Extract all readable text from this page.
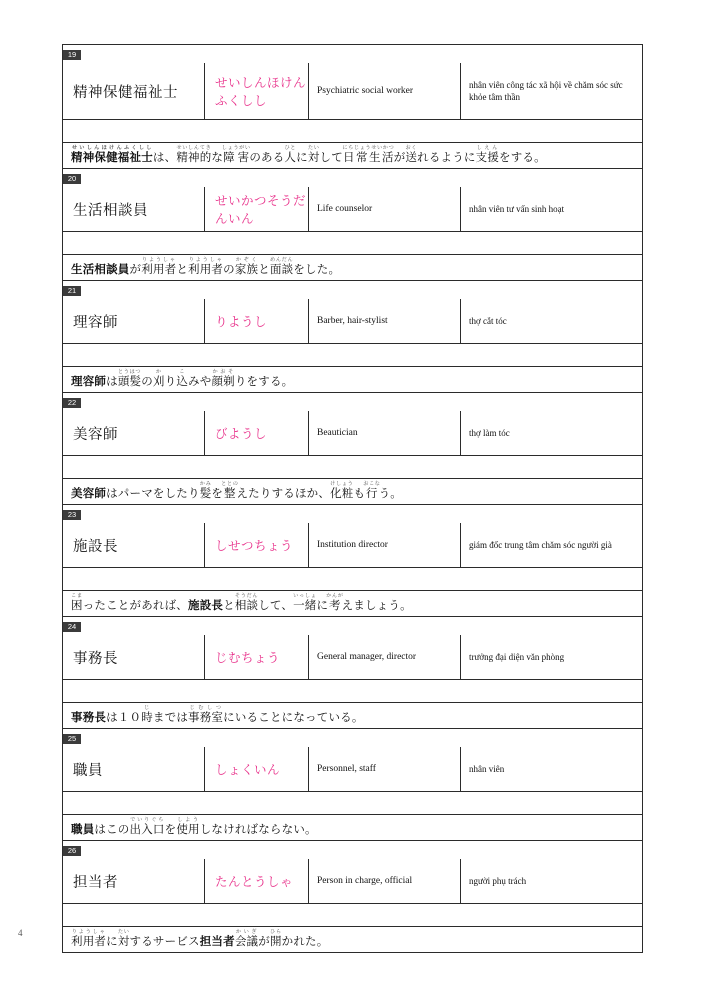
19			
精神保健福祉士	せいしんほけんふくしし	Psychiatric social worker	nhân viên công tác xã hội về chăm sóc sức khỏe tâm thần

精神保健福祉士せいしんほけんふくししは、精神的せいしんてきな障害しょうがいのある人ひとに対たいして日常生活にちじょうせいかつが送おくれるように支援しえんをする。			
20			
生活相談員	せいかつそうだんいん	Life counselor	nhân viên tư vấn sinh hoạt

生活相談員が利用者りようしゃと利用者りようしゃの家族かぞくと面談めんだんをした。			
21			
理容師	りようし	Barber, hair-stylist	thợ cắt tóc

理容師は頭髪とうはつの刈かり込こみや顔剃かおそりをする。			
22			
美容師	びようし	Beautician	thợ làm tóc

美容師はパーマをしたり髪かみを整ととのえたりするほか、化粧けしょうも行おこなう。			
23			
施設長	しせつちょう	Institution director	giám đốc trung tâm chăm sóc người già

困こまったことがあれば、施設長と相談そうだんして、一緒いっしょに考かんがえましょう。			
24			
事務長	じむちょう	General manager, director	trưởng đại diện văn phòng

事務長は１０時じまでは事務室じむしつにいることになっている。			
25			
職員	しょくいん	Personnel, staff	nhân viên

職員はこの出入口でいりぐちを使用しようしなければならない。			
26			
担当者	たんとうしゃ	Person in charge, official	người phụ trách

利用者りようしゃに対たいするサービス担当者会議かいぎが開ひらかれた。			
4
